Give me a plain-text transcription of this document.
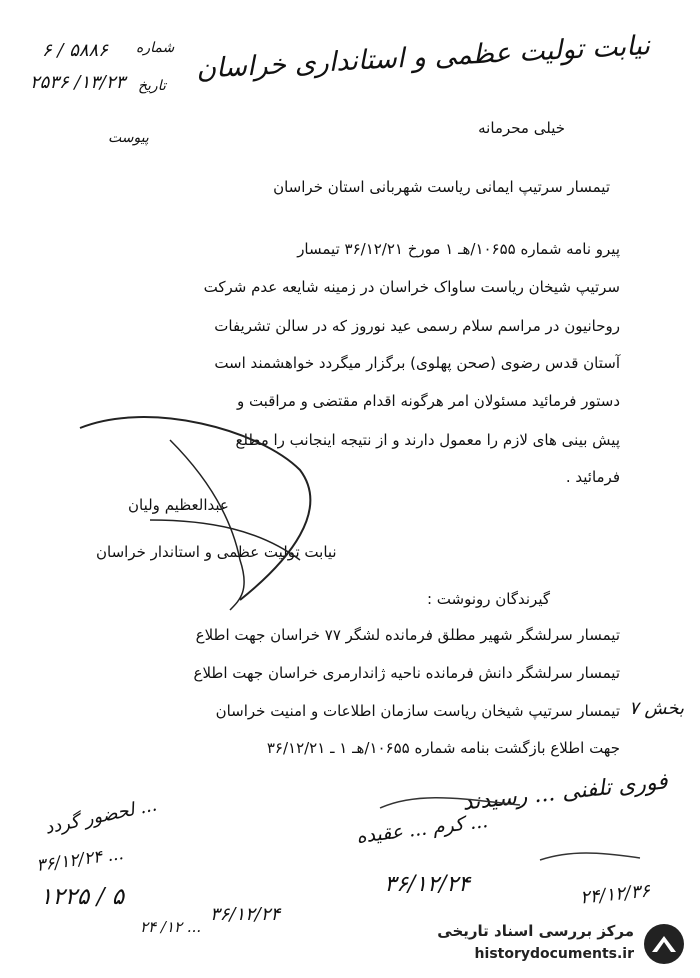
نیابت تولیت عظمی و استانداری خراسان
شماره
۵۸۸۶ / ۶
تاریخ
۱۳/۲۳/ ۲۵۳۶
پیوست
خیلی محرمانه
تیمسار سرتیپ ایمانی ریاست شهربانی استان خراسان
پیرو نامه شماره ۱۰۶۵۵/هـ ۱ مورخ ۳۶/۱۲/۲۱ تیمسار
سرتیپ شیخان ریاست ساواک خراسان در زمینه شایعه عدم شرکت
روحانیون در مراسم سلام رسمی عید نوروز که در سالن تشریفات
آستان قدس رضوی (صحن پهلوی) برگزار میگردد خواهشمند است
دستور فرمائید مسئولان امر هرگونه اقدام مقتضی و مراقبت و
پیش بینی های لازم را معمول دارند و از نتیجه اینجانب را مطلع
فرمائید .
عبدالعظیم ولیان
نیابت تولیت عظمی و استاندار خراسان
گیرندگان رونوشت :
تیمسار سرلشگر شهیر مطلق فرمانده لشگر ۷۷ خراسان جهت اطلاع
تیمسار سرلشگر دانش فرمانده ناحیه ژاندارمری خراسان جهت اطلاع
تیمسار سرتیپ شیخان ریاست سازمان اطلاعات و امنیت خراسان
جهت اطلاع بازگشت بنامه شماره ۱۰۶۵۵/هـ ۱ ـ ۳۶/۱۲/۲۱
بخش ۷
فوری تلفنی ... رسیدند
... کرم ... عقیده
۲۴/۱۲/۳۶
۳۶/۱۲/۲۴
... لحضور گردد
... ۳۶/۱۲/۲۴
۵ / ۱۲۲۵
۳۶/۱۲/۲۴
... ۱۲/ ۲۴	مرکز بررسی اسناد تاریخی
historydocuments.ir
